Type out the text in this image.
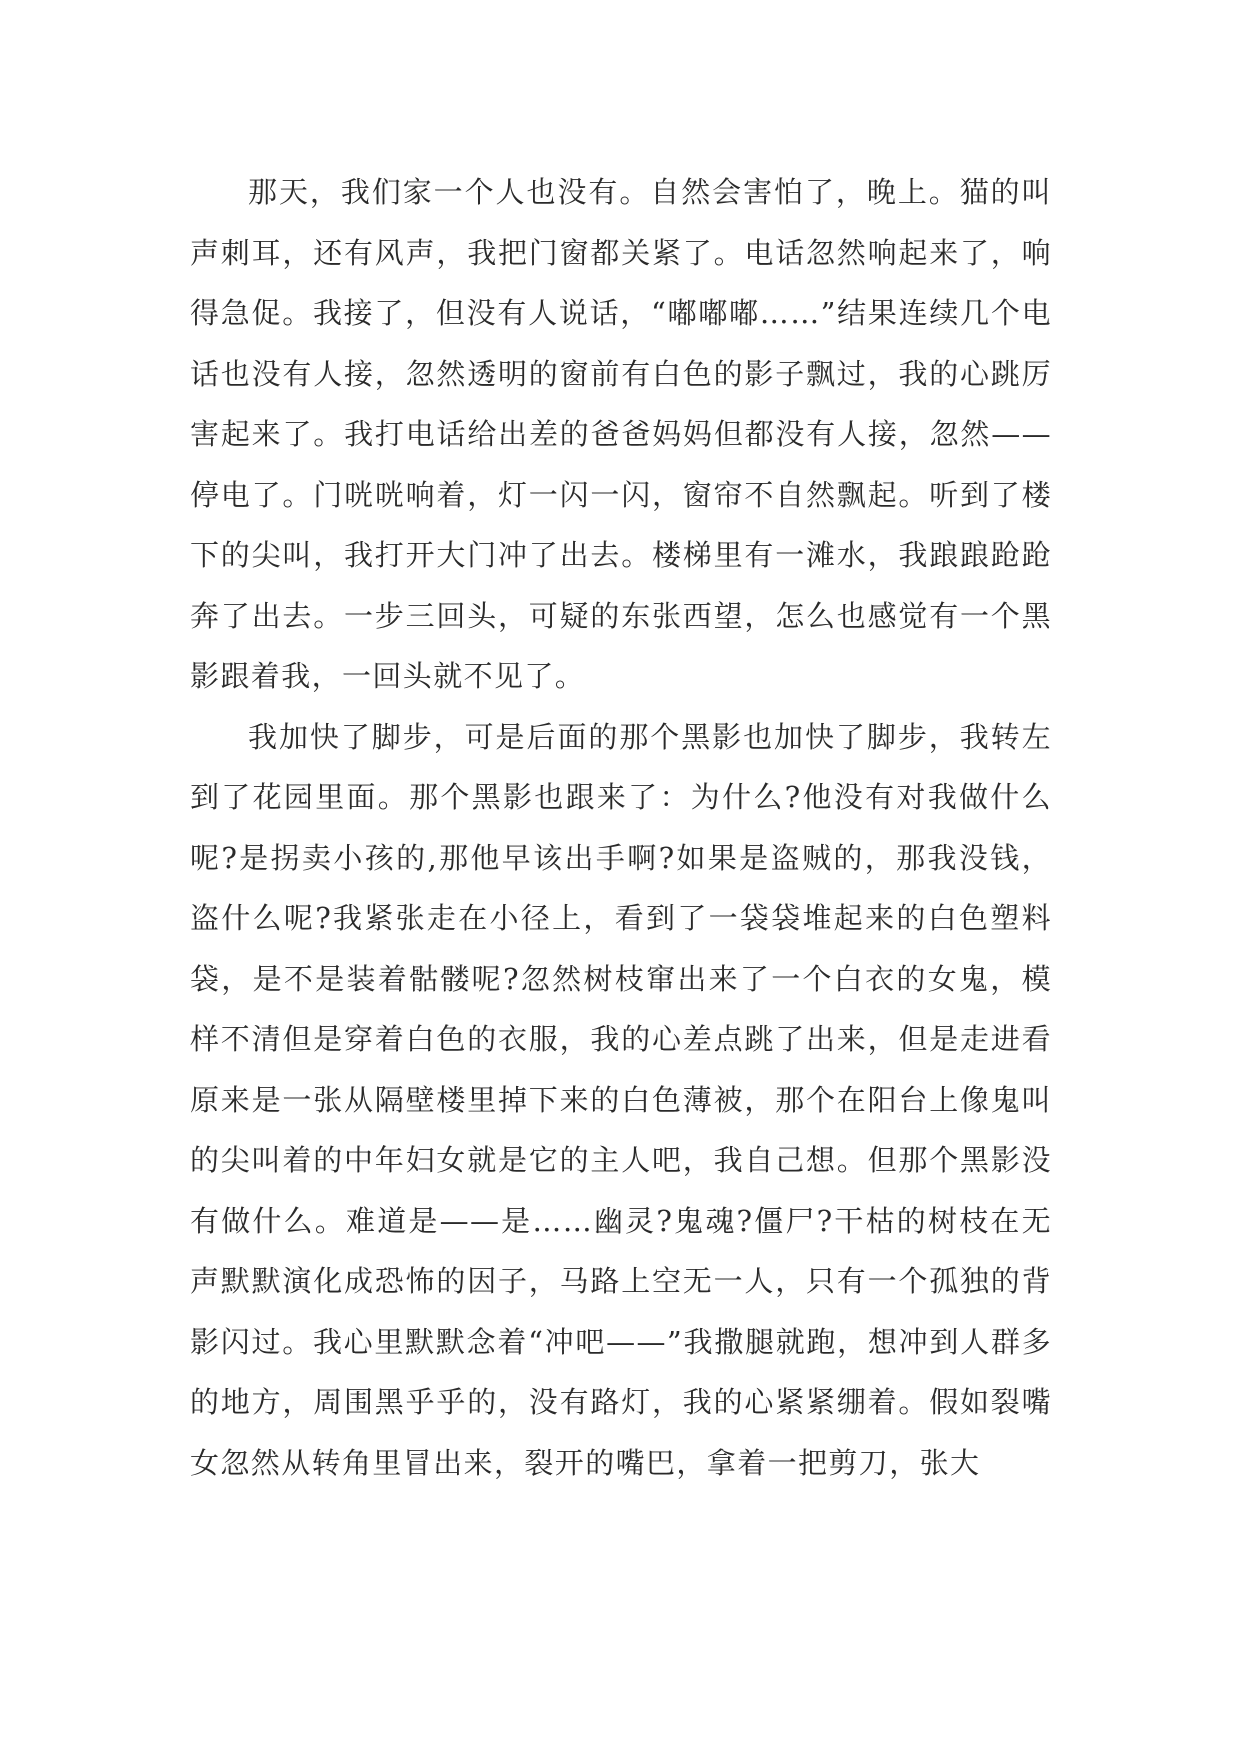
那天，我们家一个人也没有。自然会害怕了，晚上。猫的叫声刺耳，还有风声，我把门窗都关紧了。电话忽然响起来了，响得急促。我接了，但没有人说话，“嘟嘟嘟……”结果连续几个电话也没有人接，忽然透明的窗前有白色的影子飘过，我的心跳厉害起来了。我打电话给出差的爸爸妈妈但都没有人接，忽然——停电了。门咣咣响着，灯一闪一闪，窗帘不自然飘起。听到了楼下的尖叫，我打开大门冲了出去。楼梯里有一滩水，我踉踉跄跄奔了出去。一步三回头，可疑的东张西望，怎么也感觉有一个黑影跟着我，一回头就不见了。

我加快了脚步，可是后面的那个黑影也加快了脚步，我转左到了花园里面。那个黑影也跟来了：为什么?他没有对我做什么呢?是拐卖小孩的,那他早该出手啊?如果是盗贼的，那我没钱，盗什么呢?我紧张走在小径上，看到了一袋袋堆起来的白色塑料袋，是不是装着骷髅呢?忽然树枝窜出来了一个白衣的女鬼，模样不清但是穿着白色的衣服，我的心差点跳了出来，但是走进看原来是一张从隔壁楼里掉下来的白色薄被，那个在阳台上像鬼叫的尖叫着的中年妇女就是它的主人吧，我自己想。但那个黑影没有做什么。难道是——是……幽灵?鬼魂?僵尸?干枯的树枝在无声默默演化成恐怖的因子，马路上空无一人，只有一个孤独的背影闪过。我心里默默念着“冲吧——”我撒腿就跑，想冲到人群多的地方，周围黑乎乎的，没有路灯，我的心紧紧绷着。假如裂嘴女忽然从转角里冒出来，裂开的嘴巴，拿着一把剪刀，张大
